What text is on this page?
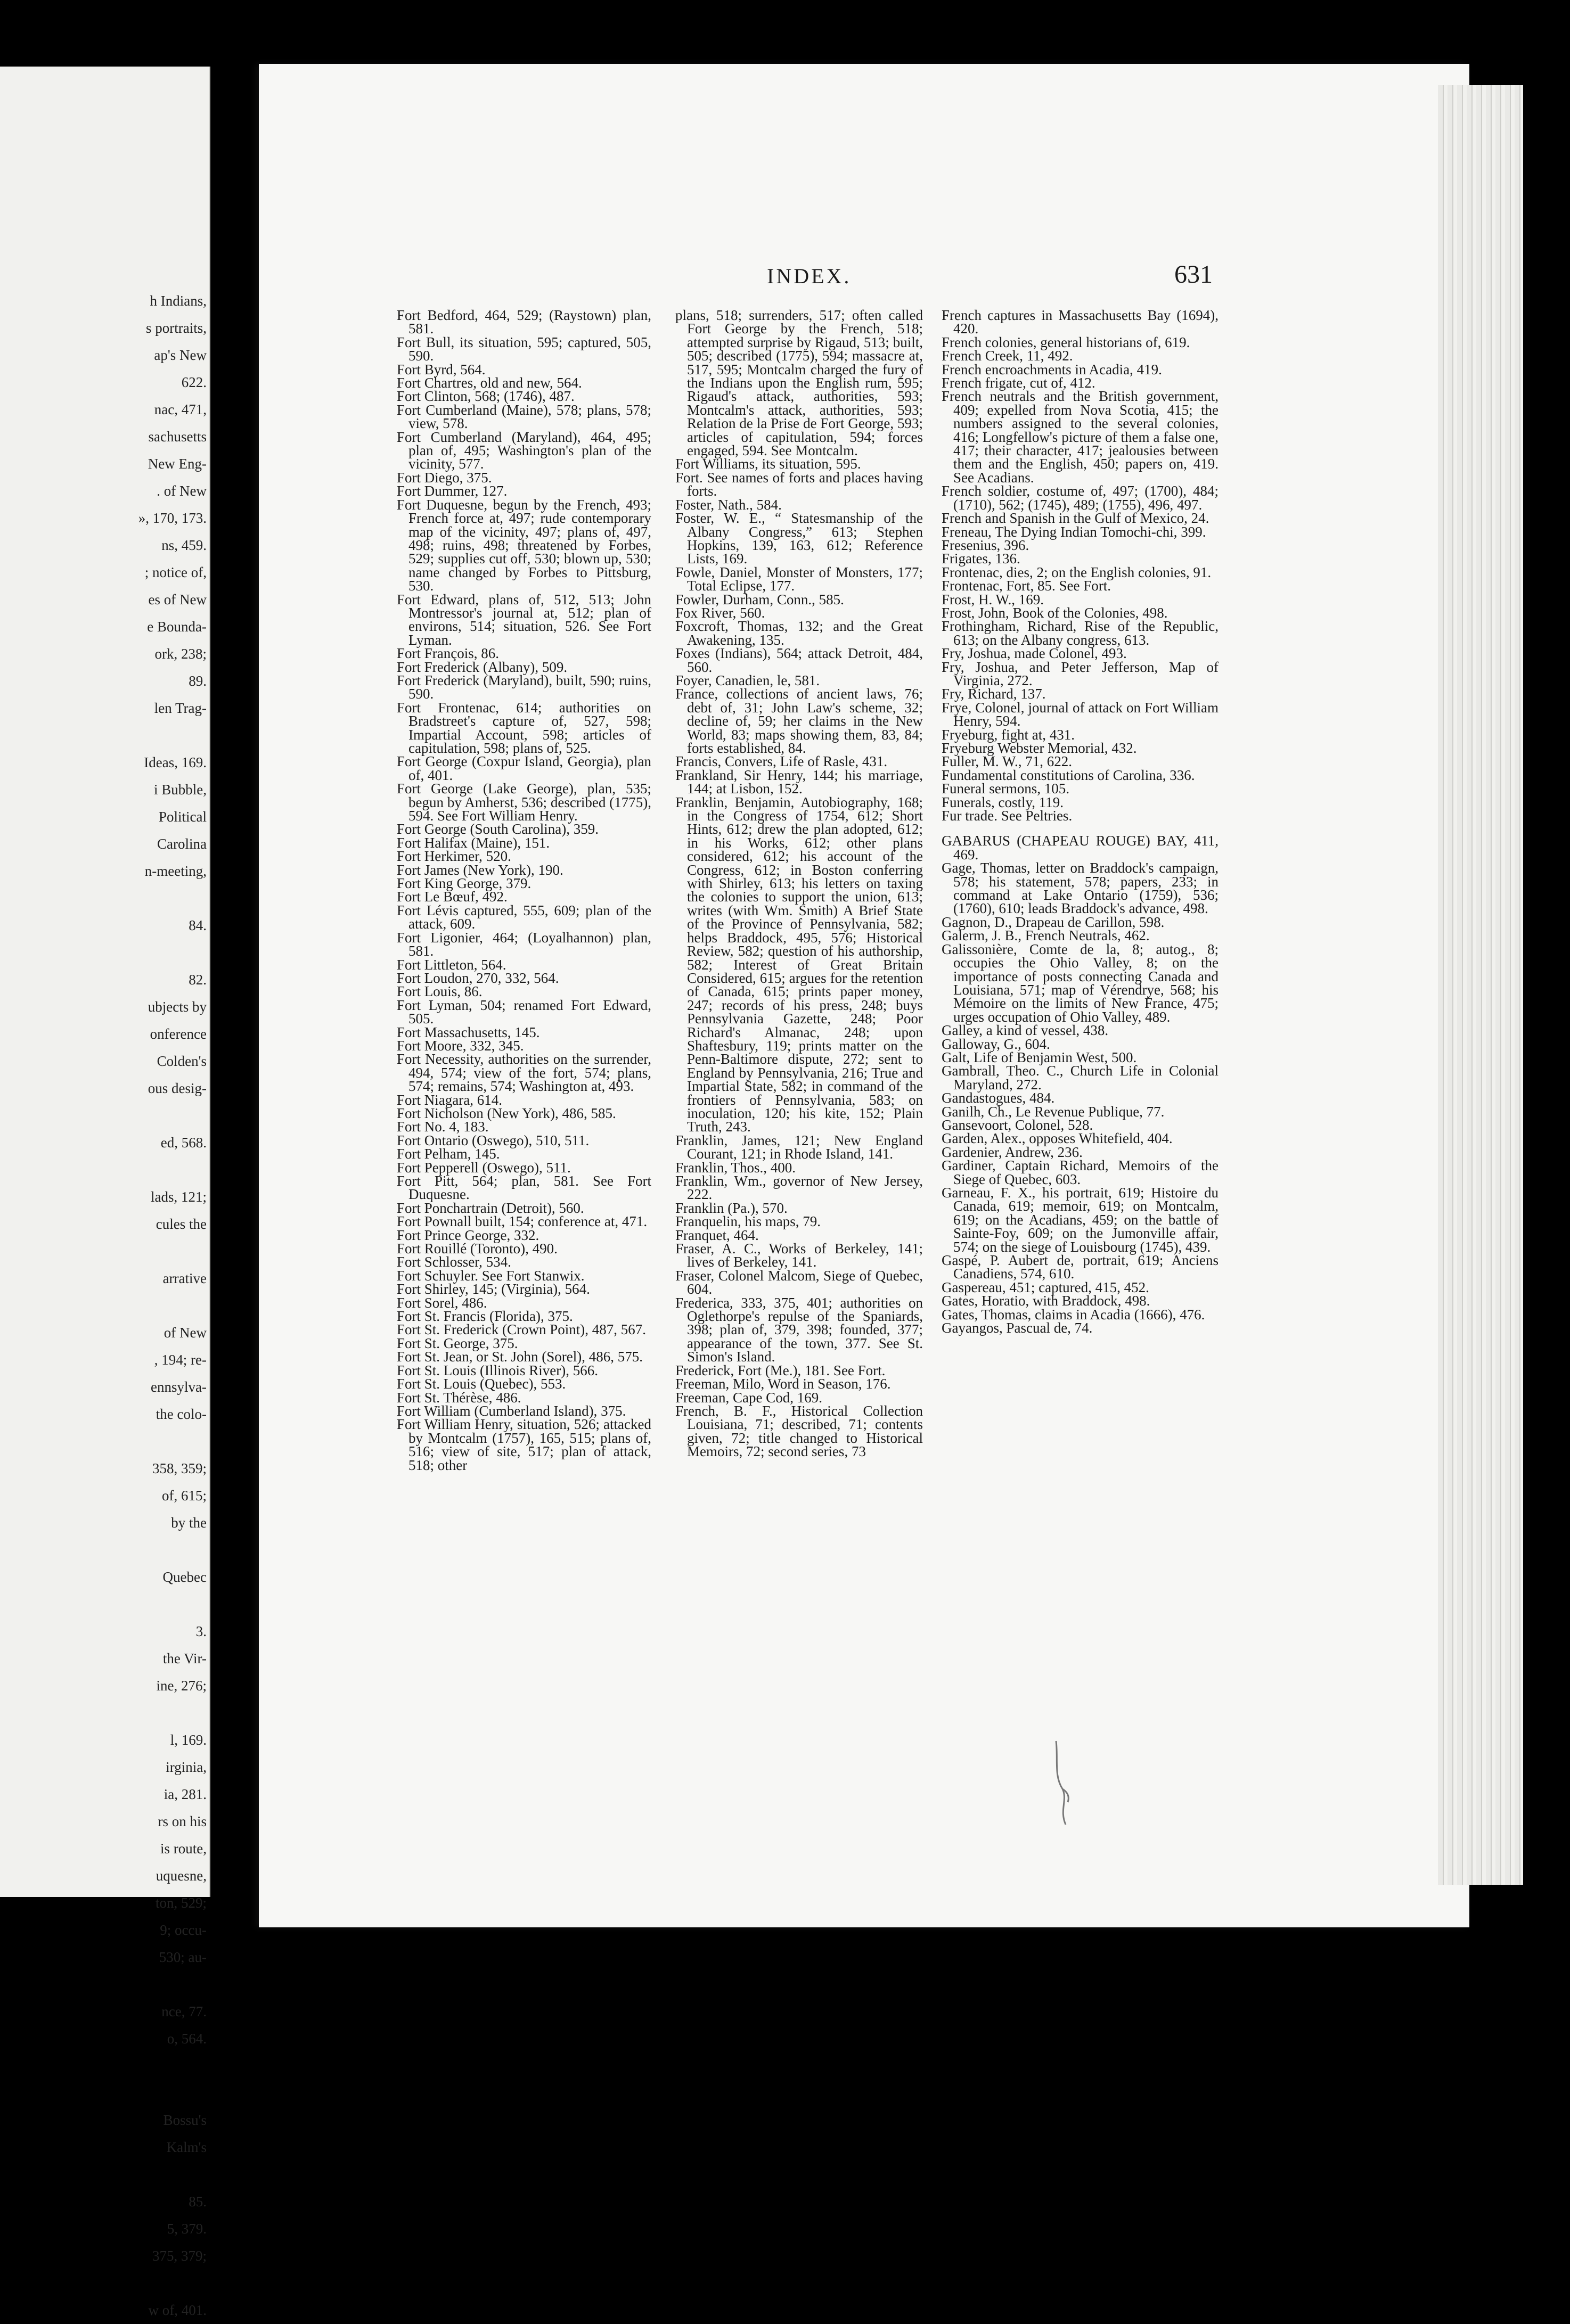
h Indians,
s portraits,
ap's New
622.
nac, 471,
sachusetts
New Eng-
. of New
», 170, 173.
ns, 459.
; notice of,
es of New
e Bounda-
ork, 238;
89.
len Trag-
Ideas, 169.
i Bubble,
Political
Carolina
n-meeting,
84.
82.
ubjects by
onference
Colden's
ous desig-
ed, 568.
lads, 121;
cules the
arrative
of New
, 194; re-
ennsylva-
the colo-
358, 359;
of, 615;
by the
Quebec
3.
the Vir-
ine, 276;
l, 169.
irginia,
ia, 281.
rs on his
is route,
uquesne,
ton, 529;
9; occu-
530; au-
nce, 77.
o, 564.
Bossu's
Kalm's
85.
5, 379.
375, 379;
w of, 401.
INDEX.	631
Fort Bedford, 464, 529; (Raystown) plan, 581.
Fort Bull, its situation, 595; captured, 505, 590.
Fort Byrd, 564.
Fort Chartres, old and new, 564.
Fort Clinton, 568; (1746), 487.
Fort Cumberland (Maine), 578; plans, 578; view, 578.
Fort Cumberland (Maryland), 464, 495; plan of, 495; Washington's plan of the vicinity, 577.
Fort Diego, 375.
Fort Dummer, 127.
Fort Duquesne, begun by the French, 493; French force at, 497; rude contemporary map of the vicinity, 497; plans of, 497, 498; ruins, 498; threatened by Forbes, 529; supplies cut off, 530; blown up, 530; name changed by Forbes to Pittsburg, 530.
Fort Edward, plans of, 512, 513; John Montressor's journal at, 512; plan of environs, 514; situation, 526. See Fort Lyman.
Fort François, 86.
Fort Frederick (Albany), 509.
Fort Frederick (Maryland), built, 590; ruins, 590.
Fort Frontenac, 614; authorities on Bradstreet's capture of, 527, 598; Impartial Account, 598; articles of capitulation, 598; plans of, 525.
Fort George (Coxpur Island, Georgia), plan of, 401.
Fort George (Lake George), plan, 535; begun by Amherst, 536; described (1775), 594. See Fort William Henry.
Fort George (South Carolina), 359.
Fort Halifax (Maine), 151.
Fort Herkimer, 520.
Fort James (New York), 190.
Fort King George, 379.
Fort Le Bœuf, 492.
Fort Lévis captured, 555, 609; plan of the attack, 609.
Fort Ligonier, 464; (Loyalhannon) plan, 581.
Fort Littleton, 564.
Fort Loudon, 270, 332, 564.
Fort Louis, 86.
Fort Lyman, 504; renamed Fort Edward, 505.
Fort Massachusetts, 145.
Fort Moore, 332, 345.
Fort Necessity, authorities on the surrender, 494, 574; view of the fort, 574; plans, 574; remains, 574; Washington at, 493.
Fort Niagara, 614.
Fort Nicholson (New York), 486, 585.
Fort No. 4, 183.
Fort Ontario (Oswego), 510, 511.
Fort Pelham, 145.
Fort Pepperell (Oswego), 511.
Fort Pitt, 564; plan, 581. See Fort Duquesne.
Fort Ponchartrain (Detroit), 560.
Fort Pownall built, 154; conference at, 471.
Fort Prince George, 332.
Fort Rouillé (Toronto), 490.
Fort Schlosser, 534.
Fort Schuyler. See Fort Stanwix.
Fort Shirley, 145; (Virginia), 564.
Fort Sorel, 486.
Fort St. Francis (Florida), 375.
Fort St. Frederick (Crown Point), 487, 567.
Fort St. George, 375.
Fort St. Jean, or St. John (Sorel), 486, 575.
Fort St. Louis (Illinois River), 566.
Fort St. Louis (Quebec), 553.
Fort St. Thérèse, 486.
Fort William (Cumberland Island), 375.
Fort William Henry, situation, 526; attacked by Montcalm (1757), 165, 515; plans of, 516; view of site, 517; plan of attack, 518; other
plans, 518; surrenders, 517; often called Fort George by the French, 518; attempted surprise by Rigaud, 513; built, 505; described (1775), 594; massacre at, 517, 595; Montcalm charged the fury of the Indians upon the English rum, 595; Rigaud's attack, authorities, 593; Montcalm's attack, authorities, 593; Relation de la Prise de Fort George, 593; articles of capitulation, 594; forces engaged, 594. See Montcalm.
Fort Williams, its situation, 595.
Fort. See names of forts and places having forts.
Foster, Nath., 584.
Foster, W. E., “ Statesmanship of the Albany Congress,” 613; Stephen Hopkins, 139, 163, 612; Reference Lists, 169.
Fowle, Daniel, Monster of Monsters, 177; Total Eclipse, 177.
Fowler, Durham, Conn., 585.
Fox River, 560.
Foxcroft, Thomas, 132; and the Great Awakening, 135.
Foxes (Indians), 564; attack Detroit, 484, 560.
Foyer, Canadien, le, 581.
France, collections of ancient laws, 76; debt of, 31; John Law's scheme, 32; decline of, 59; her claims in the New World, 83; maps showing them, 83, 84; forts established, 84.
Francis, Convers, Life of Rasle, 431.
Frankland, Sir Henry, 144; his marriage, 144; at Lisbon, 152.
Franklin, Benjamin, Autobiography, 168; in the Congress of 1754, 612; Short Hints, 612; drew the plan adopted, 612; in his Works, 612; other plans considered, 612; his account of the Congress, 612; in Boston conferring with Shirley, 613; his letters on taxing the colonies to support the union, 613; writes (with Wm. Smith) A Brief State of the Province of Pennsylvania, 582; helps Braddock, 495, 576; Historical Review, 582; question of his authorship, 582; Interest of Great Britain Considered, 615; argues for the retention of Canada, 615; prints paper money, 247; records of his press, 248; buys Pennsylvania Gazette, 248; Poor Richard's Almanac, 248; upon Shaftesbury, 119; prints matter on the Penn-Baltimore dispute, 272; sent to England by Pennsylvania, 216; True and Impartial State, 582; in command of the frontiers of Pennsylvania, 583; on inoculation, 120; his kite, 152; Plain Truth, 243.
Franklin, James, 121; New England Courant, 121; in Rhode Island, 141.
Franklin, Thos., 400.
Franklin, Wm., governor of New Jersey, 222.
Franklin (Pa.), 570.
Franquelin, his maps, 79.
Franquet, 464.
Fraser, A. C., Works of Berkeley, 141; lives of Berkeley, 141.
Fraser, Colonel Malcom, Siege of Quebec, 604.
Frederica, 333, 375, 401; authorities on Oglethorpe's repulse of the Spaniards, 398; plan of, 379, 398; founded, 377; appearance of the town, 377. See St. Simon's Island.
Frederick, Fort (Me.), 181. See Fort.
Freeman, Milo, Word in Season, 176.
Freeman, Cape Cod, 169.
French, B. F., Historical Collection Louisiana, 71; described, 71; contents given, 72; title changed to Historical Memoirs, 72; second series, 73
French captures in Massachusetts Bay (1694), 420.
French colonies, general historians of, 619.
French Creek, 11, 492.
French encroachments in Acadia, 419.
French frigate, cut of, 412.
French neutrals and the British government, 409; expelled from Nova Scotia, 415; the numbers assigned to the several colonies, 416; Longfellow's picture of them a false one, 417; their character, 417; jealousies between them and the English, 450; papers on, 419. See Acadians.
French soldier, costume of, 497; (1700), 484; (1710), 562; (1745), 489; (1755), 496, 497.
French and Spanish in the Gulf of Mexico, 24.
Freneau, The Dying Indian Tomochi-chi, 399.
Fresenius, 396.
Frigates, 136.
Frontenac, dies, 2; on the English colonies, 91.
Frontenac, Fort, 85. See Fort.
Frost, H. W., 169.
Frost, John, Book of the Colonies, 498.
Frothingham, Richard, Rise of the Republic, 613; on the Albany congress, 613.
Fry, Joshua, made Colonel, 493.
Fry, Joshua, and Peter Jefferson, Map of Virginia, 272.
Fry, Richard, 137.
Frye, Colonel, journal of attack on Fort William Henry, 594.
Fryeburg, fight at, 431.
Fryeburg Webster Memorial, 432.
Fuller, M. W., 71, 622.
Fundamental constitutions of Carolina, 336.
Funeral sermons, 105.
Funerals, costly, 119.
Fur trade. See Peltries.
GABARUS (CHAPEAU ROUGE) BAY, 411, 469.
Gage, Thomas, letter on Braddock's campaign, 578; his statement, 578; papers, 233; in command at Lake Ontario (1759), 536; (1760), 610; leads Braddock's advance, 498.
Gagnon, D., Drapeau de Carillon, 598.
Galerm, J. B., French Neutrals, 462.
Galissonière, Comte de la, 8; autog., 8; occupies the Ohio Valley, 8; on the importance of posts connecting Canada and Louisiana, 571; map of Vérendrye, 568; his Mémoire on the limits of New France, 475; urges occupation of Ohio Valley, 489.
Galley, a kind of vessel, 438.
Galloway, G., 604.
Galt, Life of Benjamin West, 500.
Gambrall, Theo. C., Church Life in Colonial Maryland, 272.
Gandastogues, 484.
Ganilh, Ch., Le Revenue Publique, 77.
Gansevoort, Colonel, 528.
Garden, Alex., opposes Whitefield, 404.
Gardenier, Andrew, 236.
Gardiner, Captain Richard, Memoirs of the Siege of Quebec, 603.
Garneau, F. X., his portrait, 619; Histoire du Canada, 619; memoir, 619; on Montcalm, 619; on the Acadians, 459; on the battle of Sainte-Foy, 609; on the Jumonville affair, 574; on the siege of Louisbourg (1745), 439.
Gaspé, P. Aubert de, portrait, 619; Anciens Canadiens, 574, 610.
Gaspereau, 451; captured, 415, 452.
Gates, Horatio, with Braddock, 498.
Gates, Thomas, claims in Acadia (1666), 476.
Gayangos, Pascual de, 74.
